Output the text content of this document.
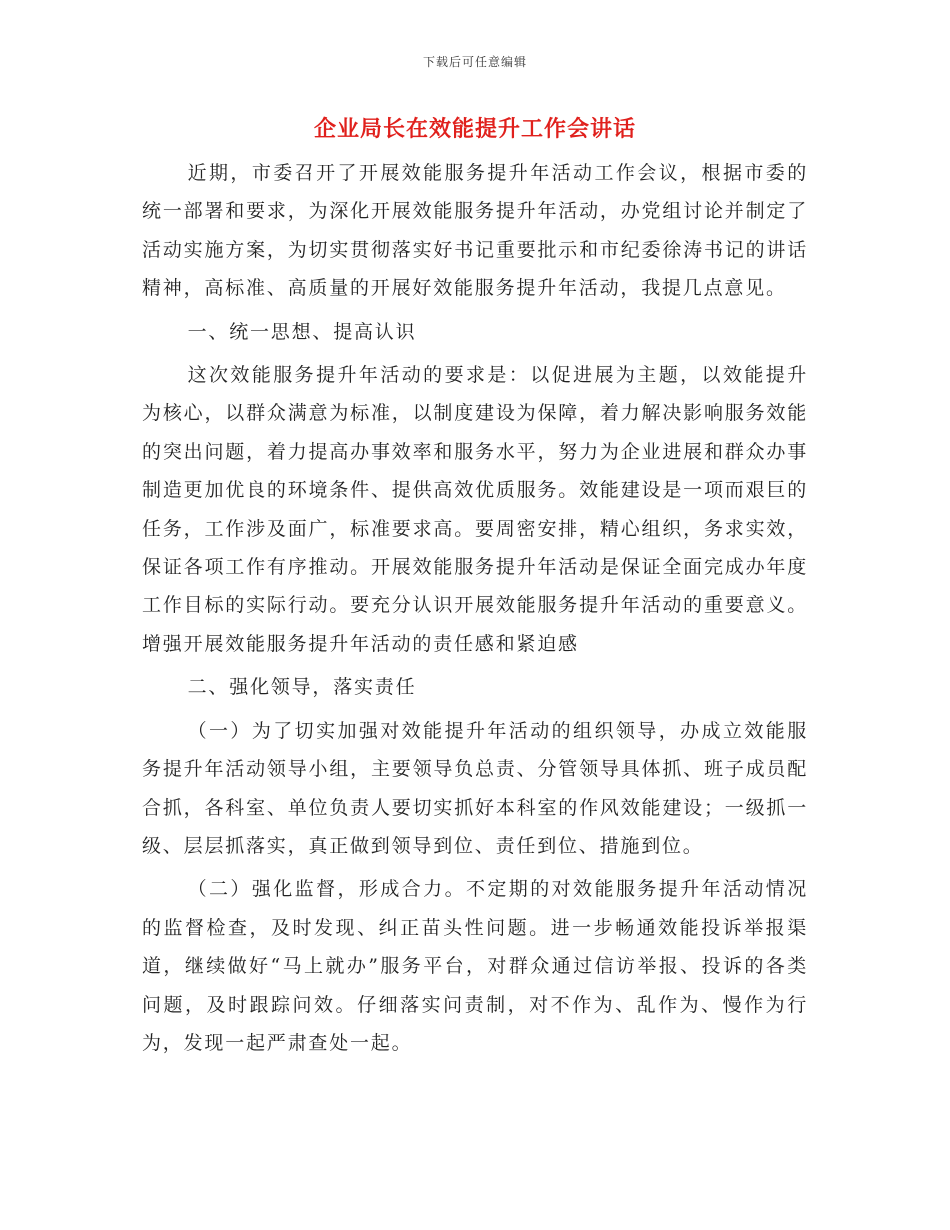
下载后可任意编辑
企业局长在效能提升工作会讲话

近期，市委召开了开展效能服务提升年活动工作会议，根据市委的统一部署和要求，为深化开展效能服务提升年活动，办党组讨论并制定了活动实施方案，为切实贯彻落实好书记重要批示和市纪委徐涛书记的讲话精神，高标准、高质量的开展好效能服务提升年活动，我提几点意见。

一、统一思想、提高认识

这次效能服务提升年活动的要求是：以促进展为主题，以效能提升为核心，以群众满意为标准，以制度建设为保障，着力解决影响服务效能的突出问题，着力提高办事效率和服务水平，努力为企业进展和群众办事制造更加优良的环境条件、提供高效优质服务。效能建设是一项而艰巨的任务，工作涉及面广，标准要求高。要周密安排，精心组织，务求实效，保证各项工作有序推动。开展效能服务提升年活动是保证全面完成办年度工作目标的实际行动。要充分认识开展效能服务提升年活动的重要意义。增强开展效能服务提升年活动的责任感和紧迫感

二、强化领导，落实责任

（一）为了切实加强对效能提升年活动的组织领导，办成立效能服务提升年活动领导小组，主要领导负总责、分管领导具体抓、班子成员配合抓，各科室、单位负责人要切实抓好本科室的作风效能建设；一级抓一级、层层抓落实，真正做到领导到位、责任到位、措施到位。

（二）强化监督，形成合力。不定期的对效能服务提升年活动情况的监督检查，及时发现、纠正苗头性问题。进一步畅通效能投诉举报渠道，继续做好“马上就办”服务平台，对群众通过信访举报、投诉的各类问题，及时跟踪问效。仔细落实问责制，对不作为、乱作为、慢作为行为，发现一起严肃查处一起。
